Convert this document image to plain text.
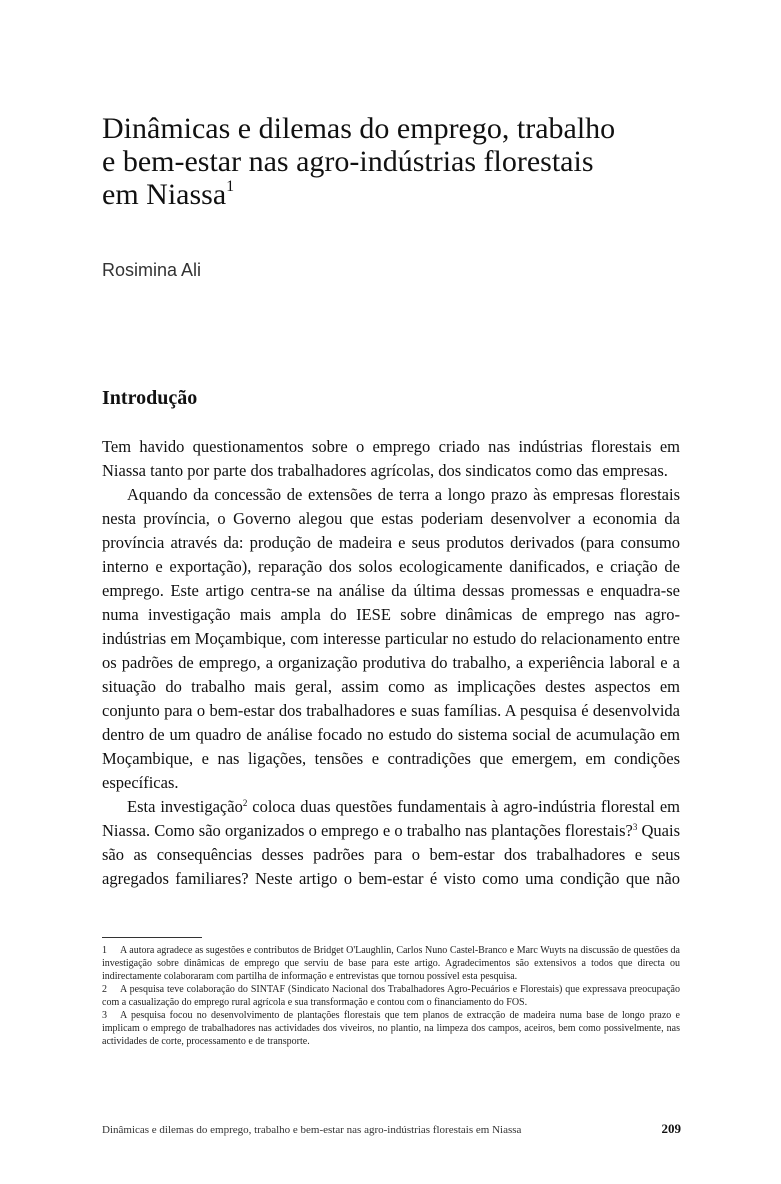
Dinâmicas e dilemas do emprego, trabalho
e bem-estar nas agro-indústrias florestais
em Niassa$^1$
Rosimina Ali
Introdução

Tem havido questionamentos sobre o emprego criado nas indústrias florestais em Niassa tanto por parte dos trabalhadores agrícolas, dos sindicatos como das empresas.

Aquando da concessão de extensões de terra a longo prazo às empresas florestais nesta província, o Governo alegou que estas poderiam desenvolver a economia da província através da: produção de madeira e seus produtos derivados (para consumo interno e exportação), reparação dos solos ecologicamente danificados, e criação de emprego. Este artigo centra-se na análise da última dessas promessas e enquadra-se numa investigação mais ampla do IESE sobre dinâmicas de emprego nas agro-indústrias em Moçambique, com interesse particular no estudo do relacionamento entre os padrões de emprego, a organização produtiva do trabalho, a experiência laboral e a situação do trabalho mais geral, assim como as implicações destes aspectos em conjunto para o bem-estar dos trabalhadores e suas famílias. A pesquisa é desenvolvida dentro de um quadro de análise focado no estudo do sistema social de acumulação em Moçambique, e nas ligações, tensões e contradições que emergem, em condições específicas.

Esta investigação$^2$ coloca duas questões fundamentais à agro-indústria florestal em Niassa. Como são organizados o emprego e o trabalho nas plantações florestais?$^3$ Quais são as consequências desses padrões para o bem-estar dos trabalhadores e seus agregados familiares? Neste artigo o bem-estar é visto como uma condição que não

1 A autora agradece as sugestões e contributos de Bridget O'Laughlin, Carlos Nuno Castel-Branco e Marc Wuyts na discussão de questões da investigação sobre dinâmicas de emprego que serviu de base para este artigo. Agradecimentos são extensivos a todos que directa ou indirectamente colaboraram com partilha de informação e entrevistas que tornou possível esta pesquisa.

2 A pesquisa teve colaboração do SINTAF (Sindicato Nacional dos Trabalhadores Agro-Pecuários e Florestais) que expressava preocupação com a casualização do emprego rural agrícola e sua transformação e contou com o financiamento do FOS.

3 A pesquisa focou no desenvolvimento de plantações florestais que tem planos de extracção de madeira numa base de longo prazo e implicam o emprego de trabalhadores nas actividades dos viveiros, no plantio, na limpeza dos campos, aceiros, bem como possivelmente, nas actividades de corte, processamento e de transporte.

Dinâmicas e dilemas do emprego, trabalho e bem-estar nas agro-indústrias florestais em Niassa	209
